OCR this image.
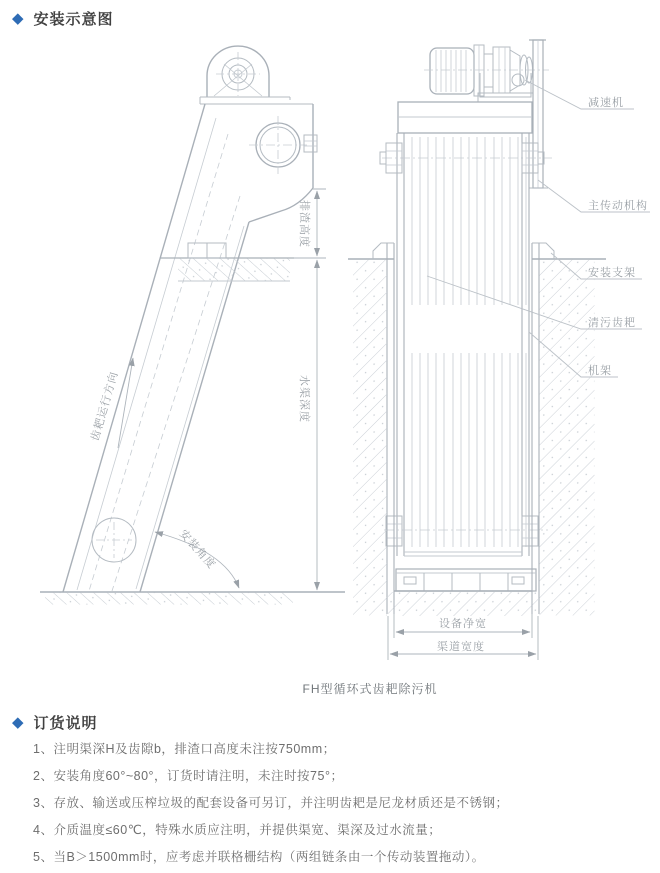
◆ 安装示意图
减速机
主传动机构
安装支架
清污齿耙
机架
排渣高度
水渠深度
齿耙运行方向
安装角度
设备净宽
渠道宽度
FH型循环式齿耙除污机
◆ 订货说明
1、注明渠深H及齿隙b，排渣口高度未注按750mm；
2、安装角度60°~80°，订货时请注明，未注时按75°；
3、存放、输送或压榨垃圾的配套设备可另订，并注明齿耙是尼龙材质还是不锈钢；
4、介质温度≤60℃，特殊水质应注明，并提供渠宽、渠深及过水流量；
5、当B＞1500mm时，应考虑并联格栅结构（两组链条由一个传动装置拖动）。
